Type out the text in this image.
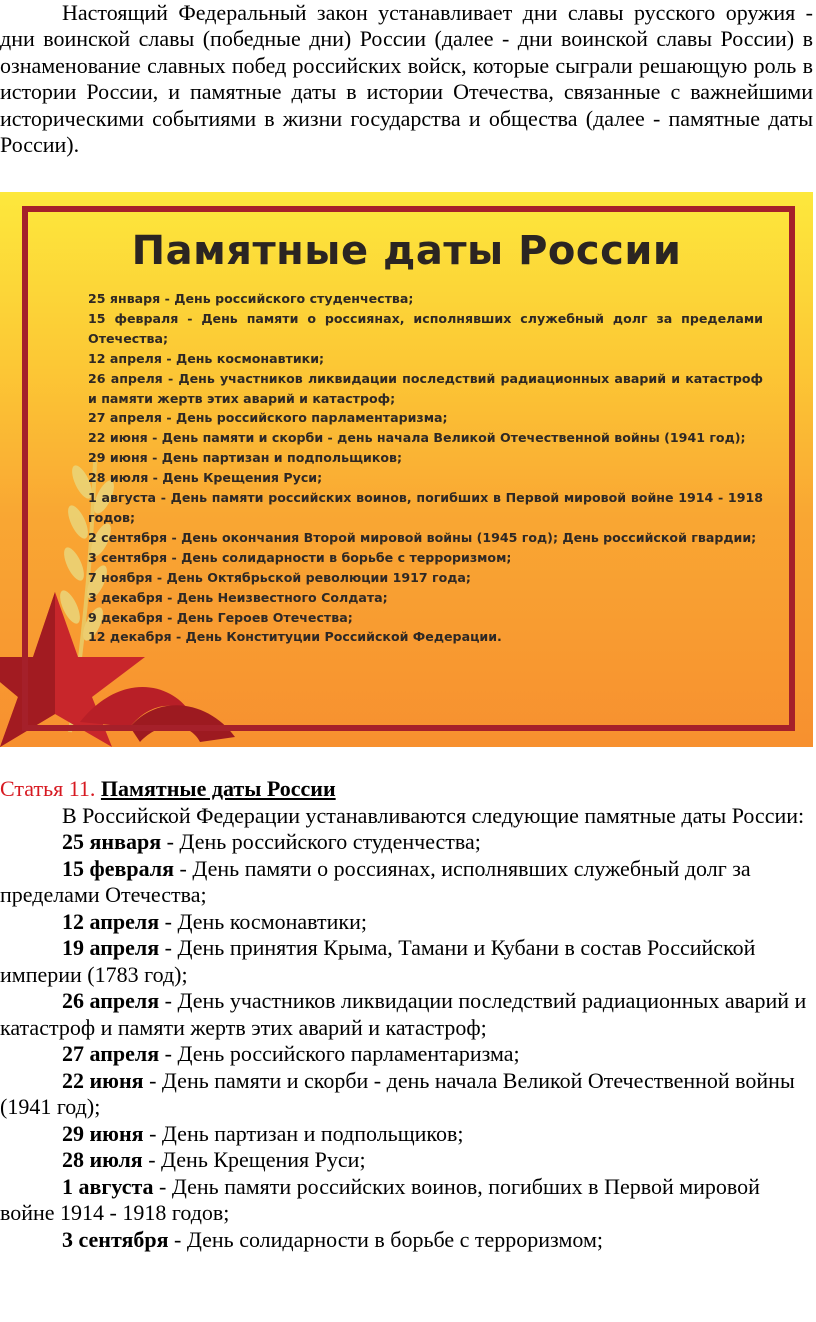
Настоящий Федеральный закон устанавливает дни славы русского оружия - дни воинской славы (победные дни) России (далее - дни воинской славы России) в ознаменование славных побед российских войск, которые сыграли решающую роль в истории России, и памятные даты в истории Отечества, связанные с важнейшими историческими событиями в жизни государства и общества (далее - памятные даты России).

Памятные даты России
25 января - День российского студенчества;
15 февраля - День памяти о россиянах, исполнявших служебный долг за пределами Отечества;
12 апреля - День космонавтики;
26 апреля - День участников ликвидации последствий радиационных аварий и катастроф и памяти жертв этих аварий и катастроф;
27 апреля - День российского парламентаризма;
22 июня - День памяти и скорби - день начала Великой Отечественной войны (1941 год);
29 июня - День партизан и подпольщиков;
28 июля - День Крещения Руси;
1 августа - День памяти российских воинов, погибших в Первой мировой войне 1914 - 1918 годов;
2 сентября - День окончания Второй мировой войны (1945 год); День российской гвардии;
3 сентября - День солидарности в борьбе с терроризмом;
7 ноября - День Октябрьской революции 1917 года;
3 декабря - День Неизвестного Солдата;
9 декабря - День Героев Отечества;
12 декабря - День Конституции Российской Федерации.

Статья 11. Памятные даты России

В Российской Федерации устанавливаются следующие памятные даты России:

25 января - День российского студенчества;

15 февраля - День памяти о россиянах, исполнявших служебный долг за пределами Отечества;

12 апреля - День космонавтики;

19 апреля - День принятия Крыма, Тамани и Кубани в состав Российской империи (1783 год);

26 апреля - День участников ликвидации последствий радиационных аварий и катастроф и памяти жертв этих аварий и катастроф;

27 апреля - День российского парламентаризма;

22 июня - День памяти и скорби - день начала Великой Отечественной войны (1941 год);

29 июня - День партизан и подпольщиков;

28 июля - День Крещения Руси;

1 августа - День памяти российских воинов, погибших в Первой мировой войне 1914 - 1918 годов;

3 сентября - День солидарности в борьбе с терроризмом;
